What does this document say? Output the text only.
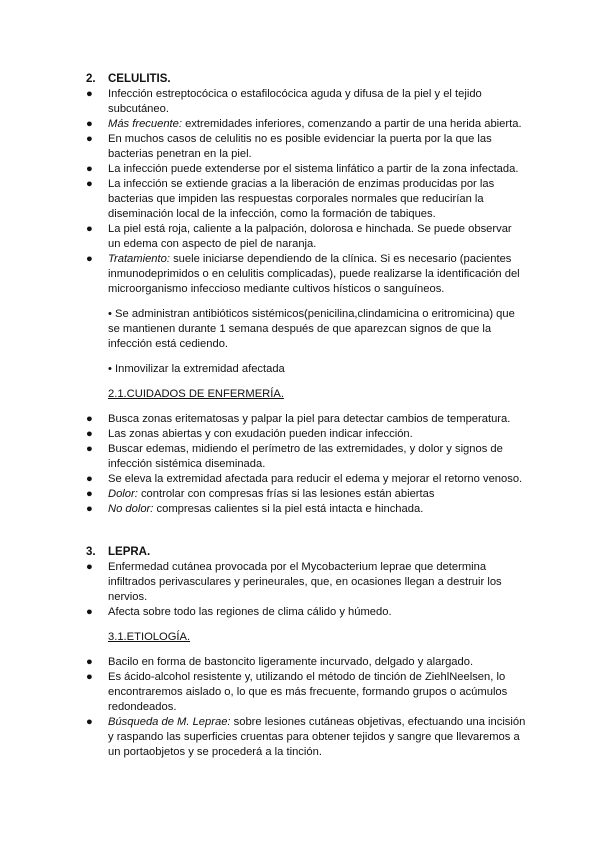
2.	CELULITIS.
●	Infección estreptocócica o estafilocócica aguda y difusa de la piel y el tejido subcutáneo.
●	Más frecuente: extremidades inferiores, comenzando a partir de una herida abierta.
●	En muchos casos de celulitis no es posible evidenciar la puerta por la que las bacterias penetran en la piel.
●	La infección puede extenderse por el sistema linfático a partir de la zona infectada.
●	La infección se extiende gracias a la liberación de enzimas producidas por las bacterias que impiden las respuestas corporales normales que reducirían la diseminación local de la infección, como la formación de tabiques.
●	La piel está roja, caliente a la palpación, dolorosa e hinchada. Se puede observar un edema con aspecto de piel de naranja.
●	Tratamiento: suele iniciarse dependiendo de la clínica. Si es necesario (pacientes inmunodeprimidos o en celulitis complicadas), puede realizarse la identificación del microorganismo infeccioso mediante cultivos hísticos o sanguíneos.
• Se administran antibióticos sistémicos(penicilina,clindamicina o eritromicina) que se mantienen durante 1 semana después de que aparezcan signos de que la infección está cediendo.
• Inmovilizar la extremidad afectada
2.1.CUIDADOS DE ENFERMERÍA.
●	Busca zonas eritematosas y palpar la piel para detectar cambios de temperatura.
●	Las zonas abiertas y con exudación pueden indicar infección.
●	Buscar edemas, midiendo el perímetro de las extremidades, y dolor y signos de infección sistémica diseminada.
●	Se eleva la extremidad afectada para reducir el edema y mejorar el retorno venoso.
●	Dolor: controlar con compresas frías si las lesiones están abiertas
●	No dolor: compresas calientes si la piel está intacta e hinchada.
3.	LEPRA.
●	Enfermedad cutánea provocada por el Mycobacterium leprae que determina infiltrados perivasculares y perineurales, que, en ocasiones llegan a destruir los nervios.
●	Afecta sobre todo las regiones de clima cálido y húmedo.
3.1.ETIOLOGÍA.
●	Bacilo en forma de bastoncito ligeramente incurvado, delgado y alargado.
●	Es ácido-alcohol resistente y, utilizando el método de tinción de ZiehlNeelsen, lo encontraremos aislado o, lo que es más frecuente, formando grupos o acúmulos redondeados.
●	Búsqueda de M. Leprae: sobre lesiones cutáneas objetivas, efectuando una incisión y raspando las superficies cruentas para obtener tejidos y sangre que llevaremos a un portaobjetos y se procederá a la tinción.
